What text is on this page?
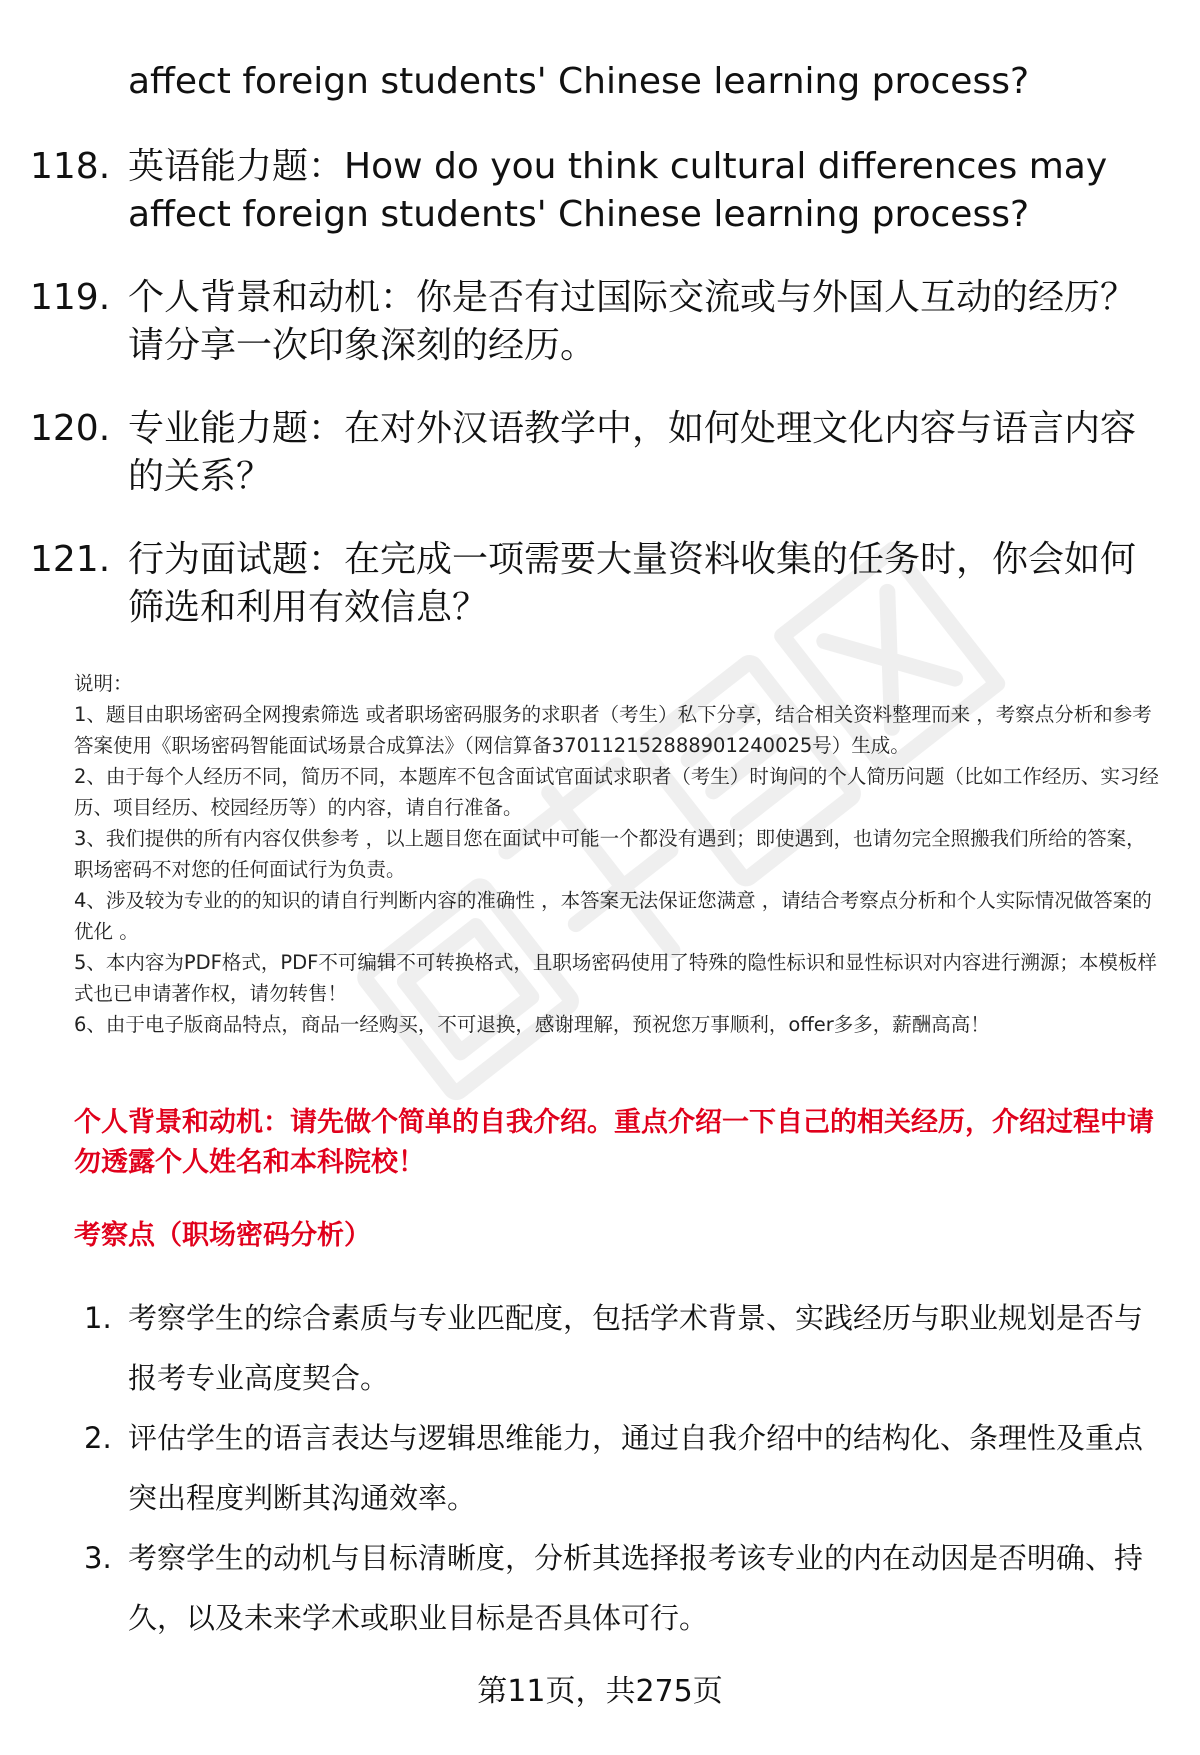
affect foreign students' Chinese learning process?

118. 英语能力题：How do you think cultural differences may affect foreign students' Chinese learning process?
119. 个人背景和动机：你是否有过国际交流或与外国人互动的经历？请分享一次印象深刻的经历。
120. 专业能力题：在对外汉语教学中，如何处理文化内容与语言内容的关系？
121. 行为面试题：在完成一项需要大量资料收集的任务时，你会如何筛选和利用有效信息？

说明：

1、题目由职场密码全网搜索筛选 或者职场密码服务的求职者（考生）私下分享，结合相关资料整理而来 ，考察点分析和参考答案使用《职场密码智能面试场景合成算法》（网信算备370112152888901240025号）生成。

2、由于每个人经历不同，简历不同，本题库不包含面试官面试求职者（考生）时询问的个人简历问题（比如工作经历、实习经历、项目经历、校园经历等）的内容，请自行准备。

3、我们提供的所有内容仅供参考 ，以上题目您在面试中可能一个都没有遇到；即使遇到，也请勿完全照搬我们所给的答案，职场密码不对您的任何面试行为负责。

4、涉及较为专业的的知识的请自行判断内容的准确性 ，本答案无法保证您满意 ，请结合考察点分析和个人实际情况做答案的优化 。

5、本内容为PDF格式，PDF不可编辑不可转换格式，且职场密码使用了特殊的隐性标识和显性标识对内容进行溯源；本模板样式也已申请著作权，请勿转售！

6、由于电子版商品特点，商品一经购买，不可退换，感谢理解，预祝您万事顺利，offer多多，薪酬高高！

个人背景和动机：请先做个简单的自我介绍。重点介绍一下自己的相关经历，介绍过程中请勿透露个人姓名和本科院校！

考察点（职场密码分析）

1. 考察学生的综合素质与专业匹配度，包括学术背景、实践经历与职业规划是否与报考专业高度契合。
2. 评估学生的语言表达与逻辑思维能力，通过自我介绍中的结构化、条理性及重点突出程度判断其沟通效率。
3. 考察学生的动机与目标清晰度，分析其选择报考该专业的内在动因是否明确、持久，以及未来学术或职业目标是否具体可行。

第11页，共275页
